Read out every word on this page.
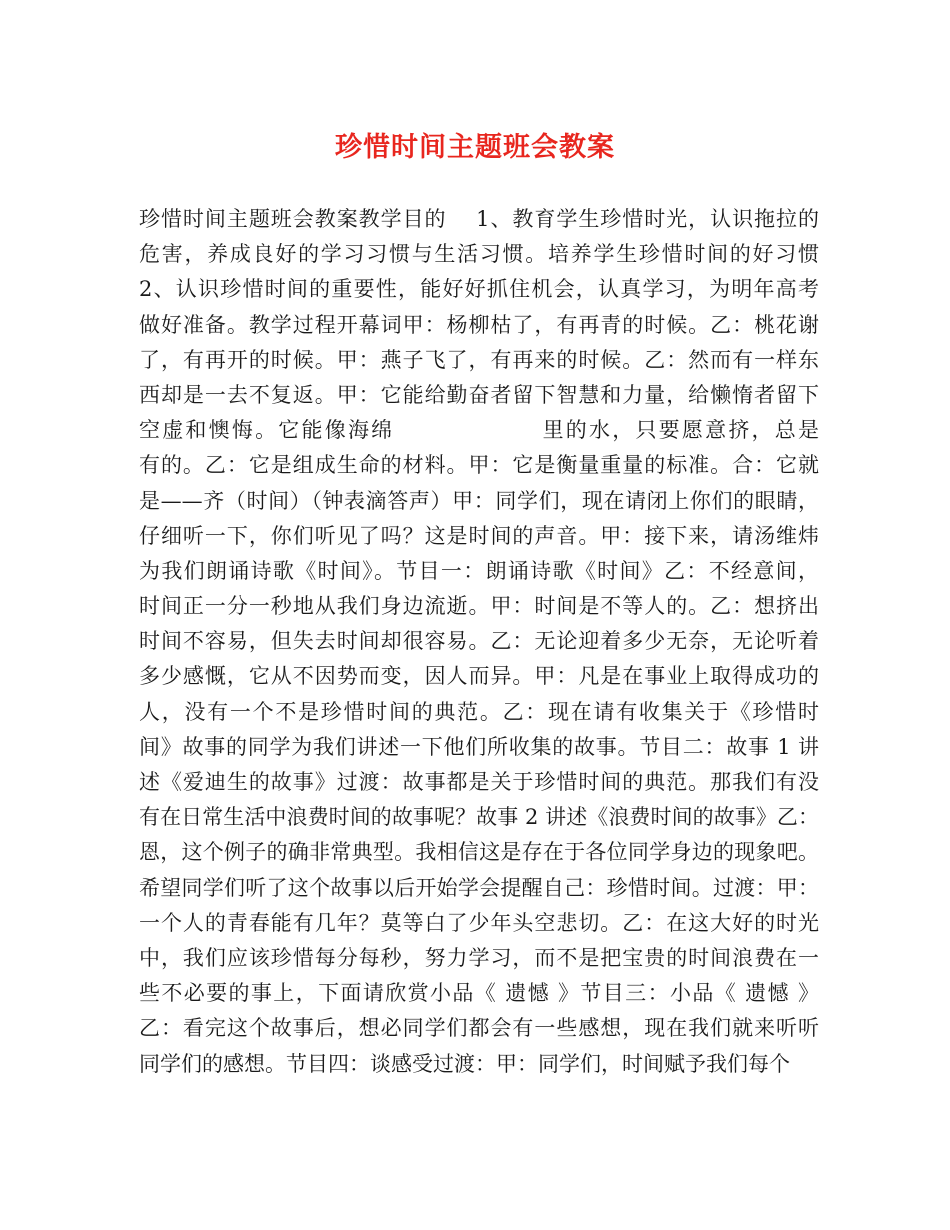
珍惜时间主题班会教案
珍惜时间主题班会教案教学目的　 1、教育学生珍惜时光，认识拖拉的
危害，养成良好的学习习惯与生活习惯。培养学生珍惜时间的好习惯
2、认识珍惜时间的重要性，能好好抓住机会，认真学习，为明年高考
做好准备。教学过程开幕词甲：杨柳枯了，有再青的时候。乙：桃花谢
了，有再开的时候。甲：燕子飞了，有再来的时候。乙：然而有一样东
西却是一去不复返。甲：它能给勤奋者留下智慧和力量，给懒惰者留下
空虚和懊悔。它能像海绵　　　　　　 里的水，只要愿意挤，总是
有的。乙：它是组成生命的材料。甲：它是衡量重量的标准。合：它就
是——齐（时间）（钟表滴答声）甲：同学们，现在请闭上你们的眼睛，
仔细听一下，你们听见了吗？这是时间的声音。甲：接下来，请汤维炜
为我们朗诵诗歌《时间》。节目一：朗诵诗歌《时间》乙：不经意间，
时间正一分一秒地从我们身边流逝。甲：时间是不等人的。乙：想挤出
时间不容易，但失去时间却很容易。乙：无论迎着多少无奈，无论听着
多少感慨，它从不因势而变，因人而异。甲：凡是在事业上取得成功的
人，没有一个不是珍惜时间的典范。乙：现在请有收集关于《珍惜时
间》故事的同学为我们讲述一下他们所收集的故事。节目二：故事 1 讲
述《爱迪生的故事》过渡：故事都是关于珍惜时间的典范。那我们有没
有在日常生活中浪费时间的故事呢？故事 2 讲述《浪费时间的故事》乙：
恩，这个例子的确非常典型。我相信这是存在于各位同学身边的现象吧。
希望同学们听了这个故事以后开始学会提醒自己：珍惜时间。过渡：甲：
一个人的青春能有几年？莫等白了少年头空悲切。乙：在这大好的时光
中，我们应该珍惜每分每秒，努力学习，而不是把宝贵的时间浪费在一
些不必要的事上，下面请欣赏小品《 遗憾 》节目三：小品《 遗憾 》
乙：看完这个故事后，想必同学们都会有一些感想，现在我们就来听听
同学们的感想。节目四：谈感受过渡：甲：同学们，时间赋予我们每个
